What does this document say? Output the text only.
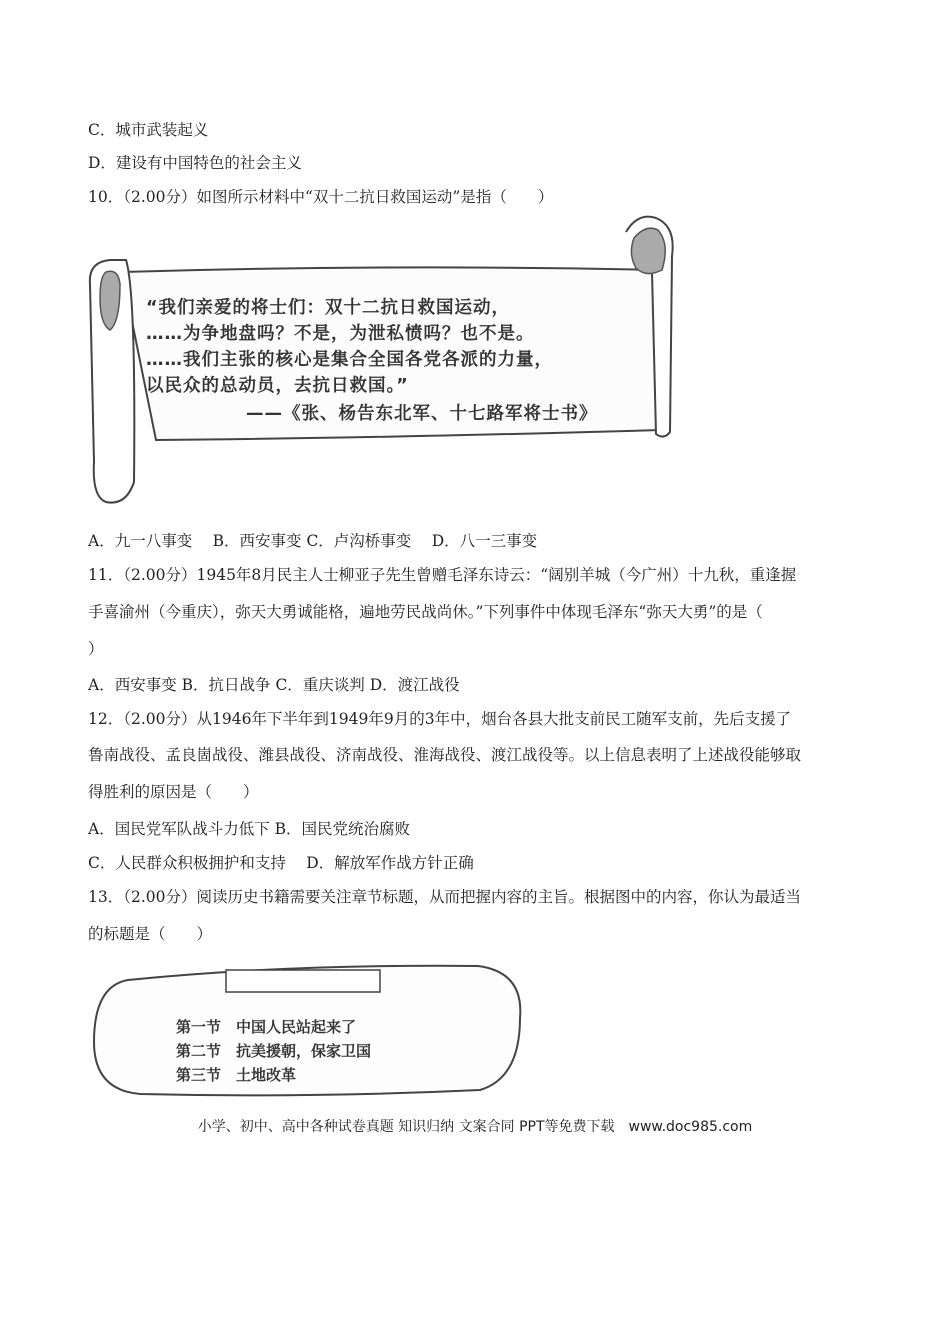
C．城市武装起义
D．建设有中国特色的社会主义
10．（2.00分）如图所示材料中“双十二抗日救国运动”是指（　　）
“我们亲爱的将士们：双十二抗日救国运动，
……为争地盘吗？不是，为泄私愤吗？也不是。
……我们主张的核心是集合全国各党各派的力量，
以民众的总动员，去抗日救国。”
——《张、杨告东北军、十七路军将士书》
A．九一八事变　 B．西安事变 C．卢沟桥事变　 D．八一三事变
11．（2.00分）1945年8月民主人士柳亚子先生曾赠毛泽东诗云：“阔别羊城（今广州）十九秋，重逢握
手喜渝州（今重庆），弥天大勇诚能格，遍地劳民战尚休。”下列事件中体现毛泽东“弥天大勇”的是（
）
A．西安事变 B．抗日战争 C．重庆谈判 D．渡江战役
12．（2.00分）从1946年下半年到1949年9月的3年中，烟台各县大批支前民工随军支前，先后支援了
鲁南战役、孟良崮战役、潍县战役、济南战役、淮海战役、渡江战役等。以上信息表明了上述战役能够取
得胜利的原因是（　　）
A．国民党军队战斗力低下 B．国民党统治腐败
C．人民群众积极拥护和支持　 D．解放军作战方针正确
13．（2.00分）阅读历史书籍需要关注章节标题，从而把握内容的主旨。根据图中的内容，你认为最适当
的标题是（　　）
第一节　中国人民站起来了
第二节　抗美援朝，保家卫国
第三节　土地改革
小学、初中、高中各种试卷真题 知识归纳 文案合同 PPT等免费下载　www.doc985.com
